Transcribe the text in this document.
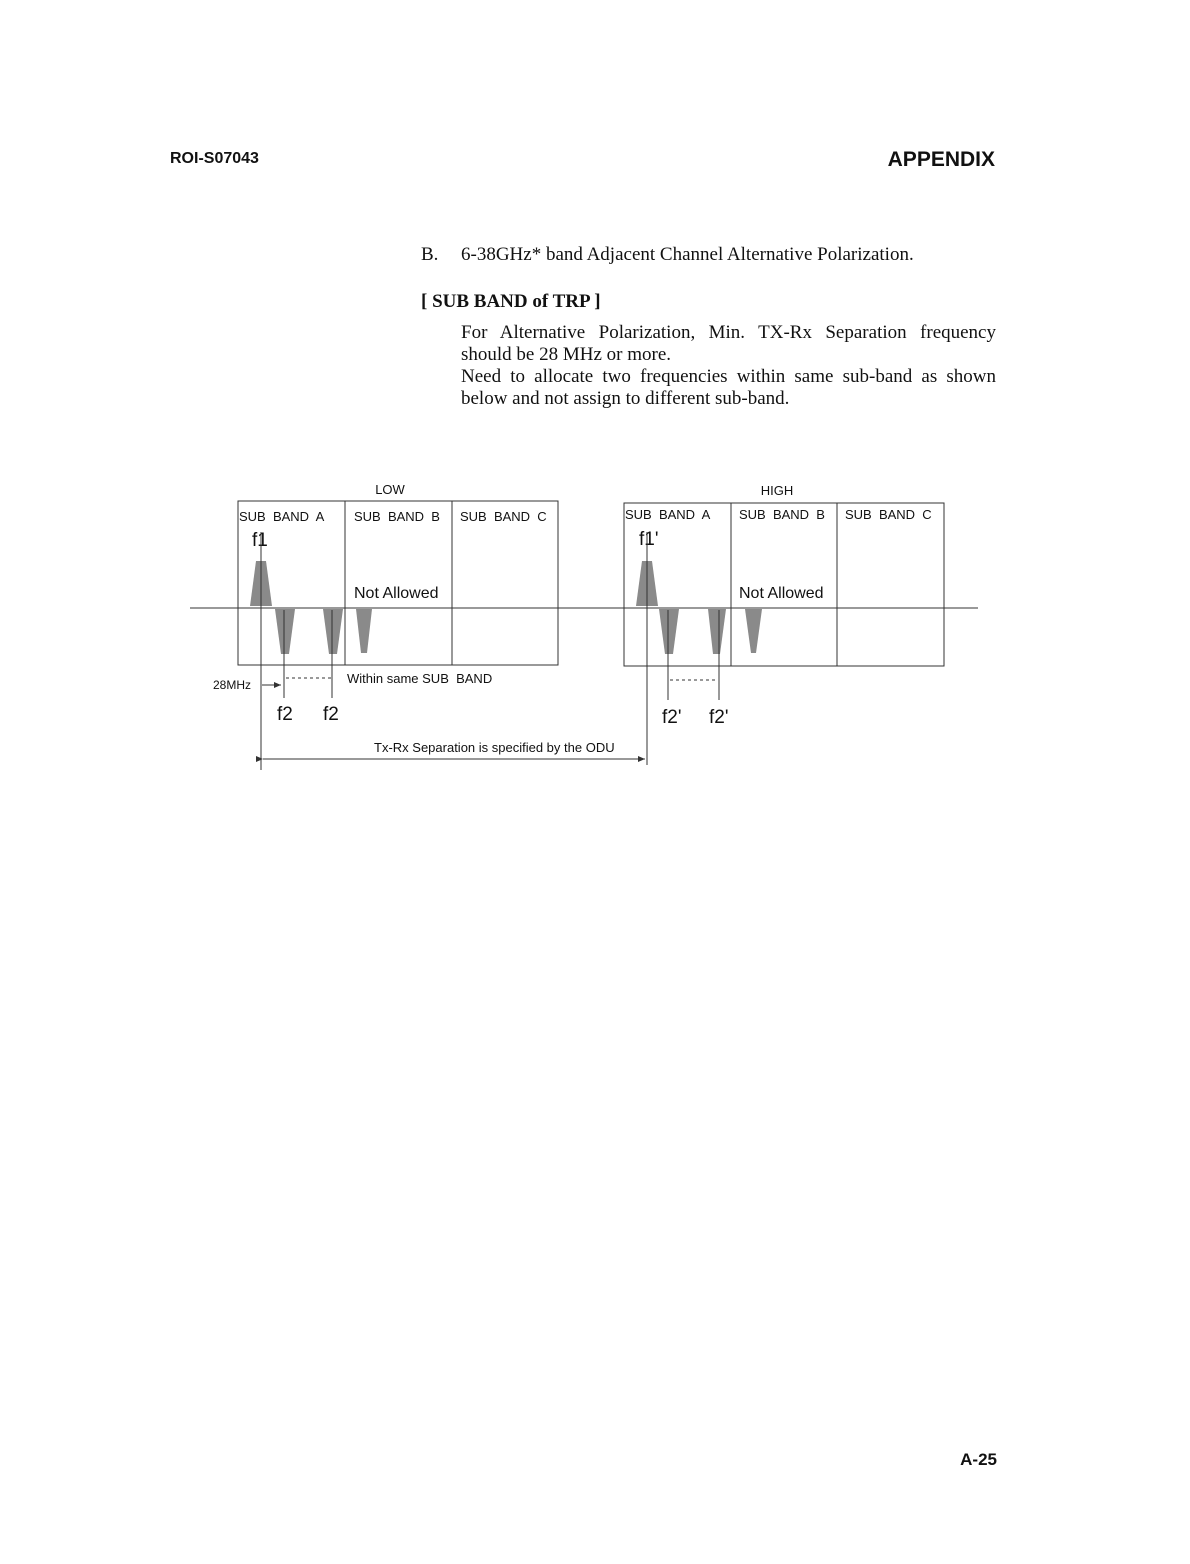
ROI-S07043	APPENDIX
B. 6-38GHz* band Adjacent Channel Alternative Polarization.
[ SUB BAND of TRP ]

For Alternative Polarization, Min. TX-Rx Separation frequency should be 28 MHz or more.

Need to allocate two frequencies within same sub-band as shown below and not assign to different sub-band.

LOW
SUB  BAND  A SUB  BAND  B SUB  BAND  C
f1
Not Allowed
HIGH
SUB  BAND  A SUB  BAND  B SUB  BAND  C
f1'
Not Allowed
28MHz	Within same SUB  BAND
f2 f2	f2' f2'
Tx-Rx Separation is specified by the ODU
A-25
